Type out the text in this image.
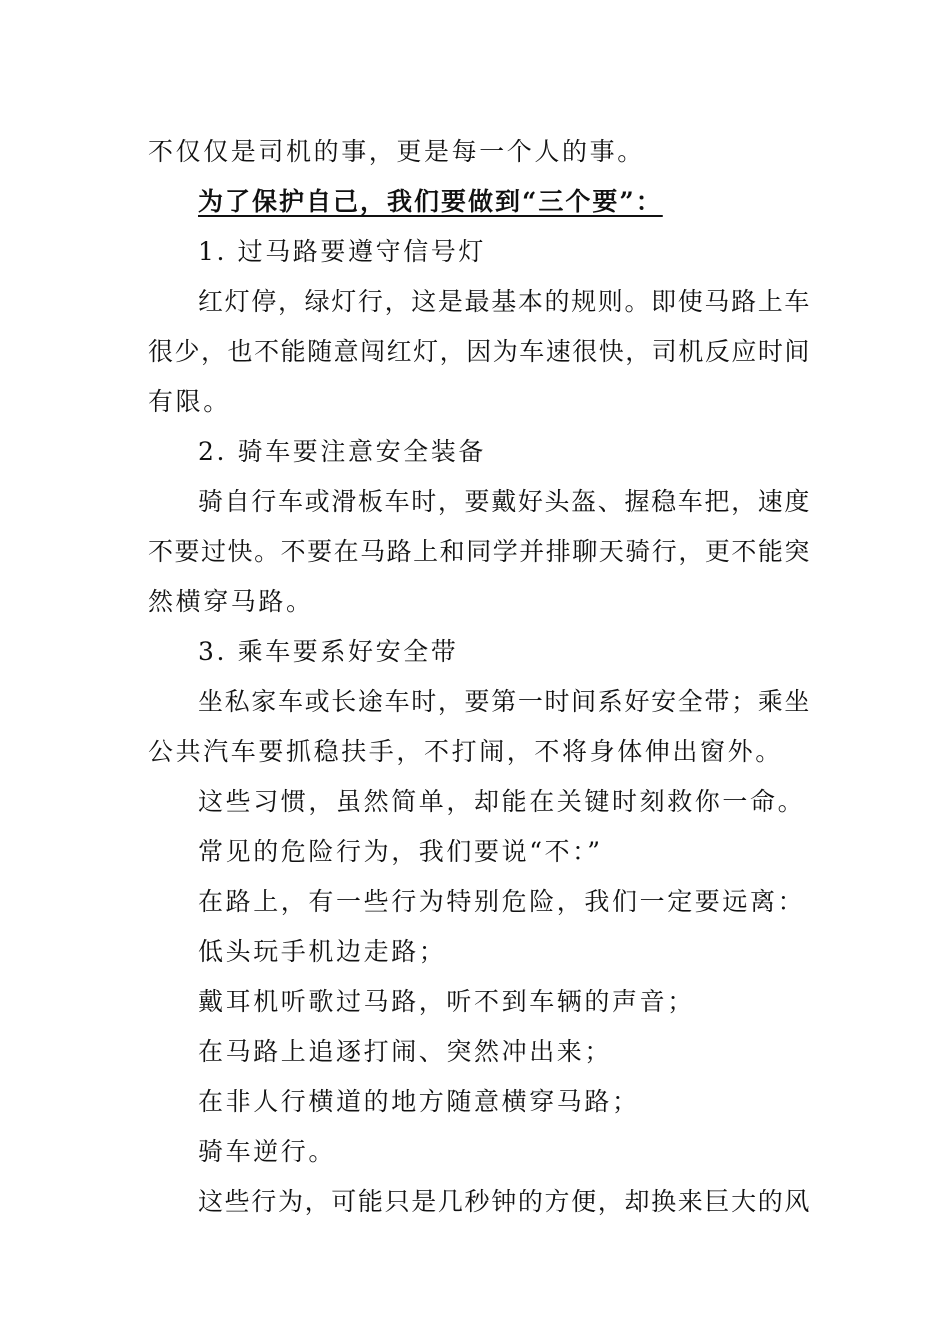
不仅仅是司机的事，更是每一个人的事。
为了保护自己，我们要做到“三个要”：
1. 过马路要遵守信号灯
红灯停，绿灯行，这是最基本的规则。即使马路上车
很少，也不能随意闯红灯，因为车速很快，司机反应时间
有限。
2. 骑车要注意安全装备
骑自行车或滑板车时，要戴好头盔、握稳车把，速度
不要过快。不要在马路上和同学并排聊天骑行，更不能突
然横穿马路。
3. 乘车要系好安全带
坐私家车或长途车时，要第一时间系好安全带；乘坐
公共汽车要抓稳扶手，不打闹，不将身体伸出窗外。
这些习惯，虽然简单，却能在关键时刻救你一命。
常见的危险行为，我们要说“不：”
在路上，有一些行为特别危险，我们一定要远离：
低头玩手机边走路；
戴耳机听歌过马路，听不到车辆的声音；
在马路上追逐打闹、突然冲出来；
在非人行横道的地方随意横穿马路；
骑车逆行。
这些行为，可能只是几秒钟的方便，却换来巨大的风
